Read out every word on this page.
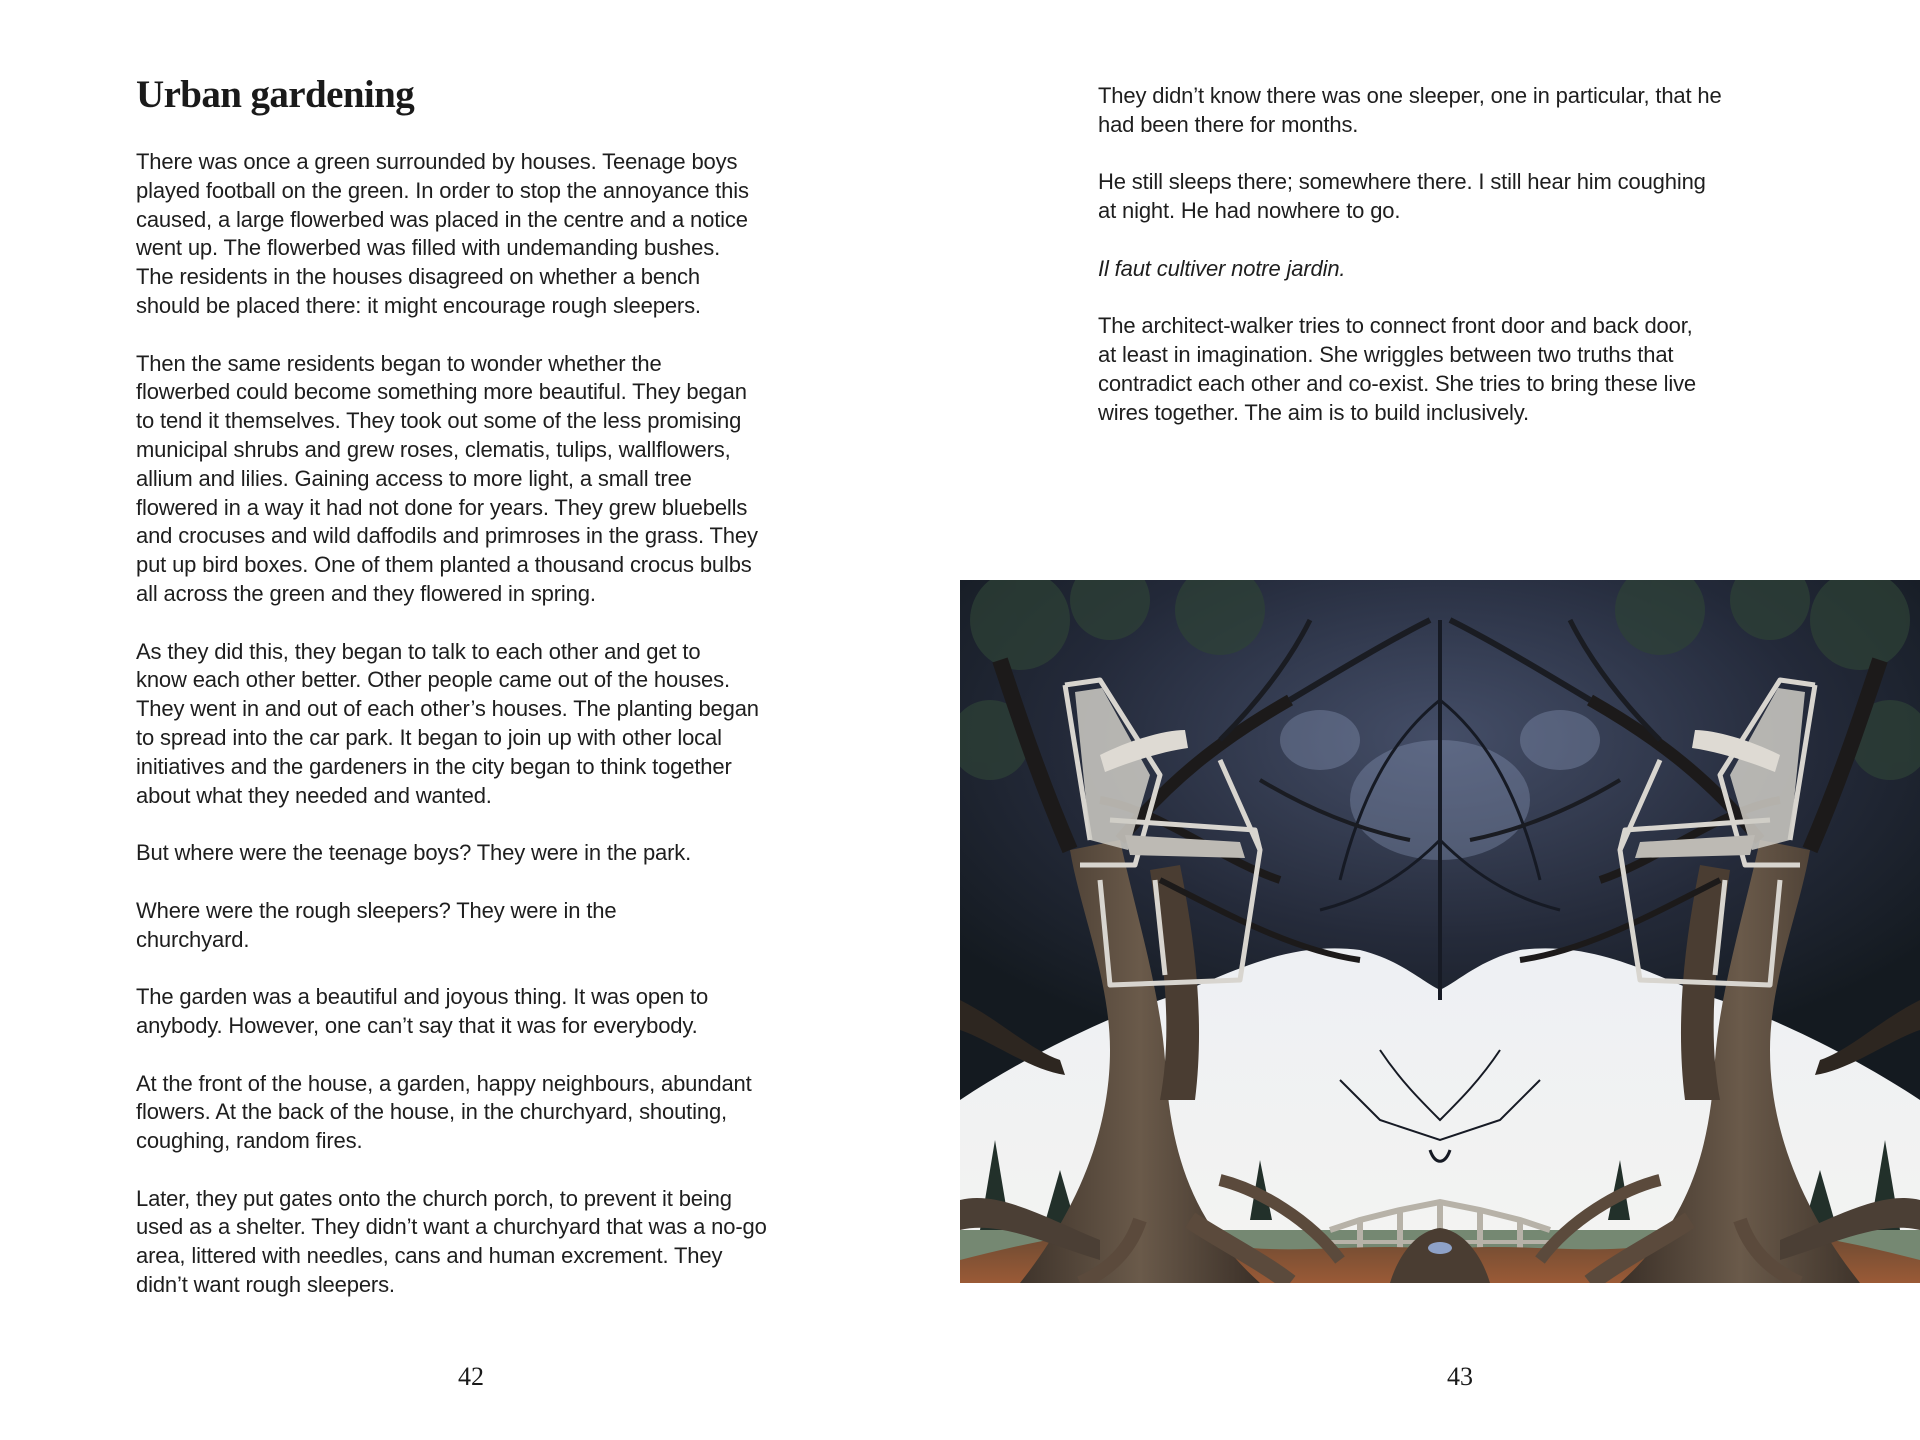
Urban gardening
There was once a green surrounded by houses. Teenage boys
played football on the green. In order to stop the annoyance this
caused, a large flowerbed was placed in the centre and a notice
went up. The flowerbed was filled with undemanding bushes.
The residents in the houses disagreed on whether a bench
should be placed there: it might encourage rough sleepers.
Then the same residents began to wonder whether the
flowerbed could become something more beautiful. They began
to tend it themselves. They took out some of the less promising
municipal shrubs and grew roses, clematis, tulips, wallflowers,
allium and lilies. Gaining access to more light, a small tree
flowered in a way it had not done for years. They grew bluebells
and crocuses and wild daffodils and primroses in the grass. They
put up bird boxes. One of them planted a thousand crocus bulbs
all across the green and they flowered in spring.
As they did this, they began to talk to each other and get to
know each other better. Other people came out of the houses.
They went in and out of each other’s houses. The planting began
to spread into the car park. It began to join up with other local
initiatives and the gardeners in the city began to think together
about what they needed and wanted.
But where were the teenage boys? They were in the park.
Where were the rough sleepers? They were in the
churchyard.
The garden was a beautiful and joyous thing. It was open to
anybody. However, one can’t say that it was for everybody.
At the front of the house, a garden, happy neighbours, abundant
flowers. At the back of the house, in the churchyard, shouting,
coughing, random fires.
Later, they put gates onto the church porch, to prevent it being
used as a shelter. They didn’t want a churchyard that was a no-go
area, littered with needles, cans and human excrement. They
didn’t want rough sleepers.
42
They didn’t know there was one sleeper, one in particular, that he
had been there for months.
He still sleeps there; somewhere there. I still hear him coughing
at night. He had nowhere to go.
Il faut cultiver notre jardin.
The architect-walker tries to connect front door and back door,
at least in imagination. She wriggles between two truths that
contradict each other and co-exist. She tries to bring these live
wires together. The aim is to build inclusively.
43
